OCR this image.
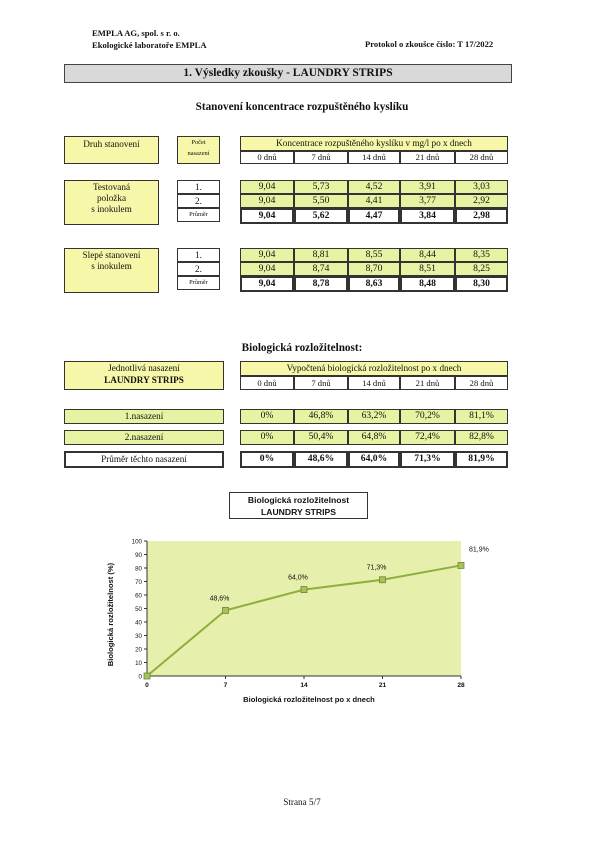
EMPLA AG, spol. s r. o.
Ekologické laboratoře EMPLA	Protokol o zkoušce číslo: T 17/2022
1. Výsledky zkoušky - LAUNDRY STRIPS
Stanovení koncentrace rozpuštěného kyslíku
Druh stanovení	Počet
nasazení
Koncentrace rozpuštěného kyslíku v mg/l po x dnech
0 dnů	7 dnů	14 dnů	21 dnů	28 dnů
Testovaná
položka
s inokulem
1.	9,04	5,73	4,52	3,91	3,03
2.	9,04	5,50	4,41	3,77	2,92
Průměr	9,04	5,62	4,47	3,84	2,98
Slepé stanovení
s inokulem
1.	9,04	8,81	8,55	8,44	8,35
2.	9,04	8,74	8,70	8,51	8,25
Průměr	9,04	8,78	8,63	8,48	8,30
Biologická rozložitelnost:
Jednotlivá nasazení
LAUNDRY STRIPS
Vypočtená biologická rozložitelnost po x dnech
0 dnů	7 dnů	14 dnů	21 dnů	28 dnů
1.nasazení	0%	46,8%	63,2%	70,2%	81,1%
2.nasazení	0%	50,4%	64,8%	72,4%	82,8%
Průměr těchto nasazení	0%	48,6%	64,0%	71,3%	81,9%
Biologická rozložitelnost
LAUNDRY STRIPS
0
10
20
30
40
50
60
70
80
90
100
0	7	14	21	28
48,6%
64,0%
71,3%
81,9%
Biologická rozložitelnost po x dnech
Biologická rozložitelnost (%)
Strana 5/7
